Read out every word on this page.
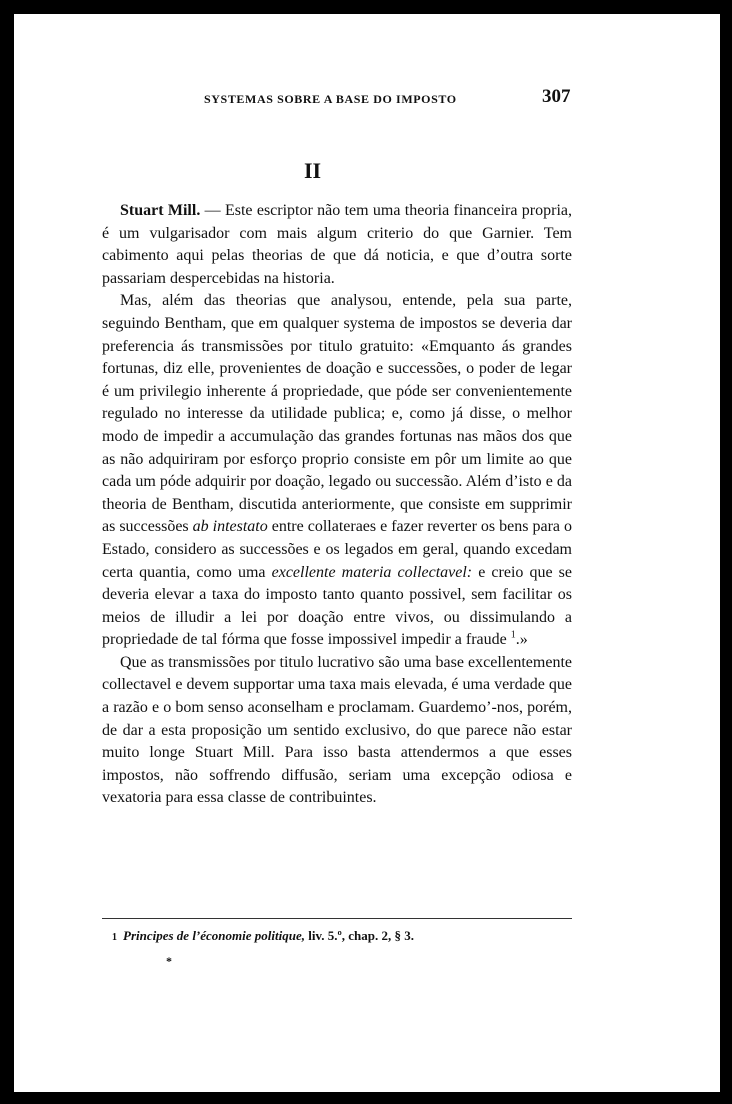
SYSTEMAS SOBRE A BASE DO IMPOSTO	307
II

Stuart Mill. — Este escriptor não tem uma theoria financeira propria, é um vulgarisador com mais algum criterio do que Garnier. Tem cabimento aqui pelas theorias de que dá noticia, e que d’outra sorte passariam despercebidas na historia.

Mas, além das theorias que analysou, entende, pela sua parte, seguindo Bentham, que em qualquer systema de impostos se deveria dar preferencia ás transmissões por titulo gratuito: «Emquanto ás grandes fortunas, diz elle, provenientes de doação e successões, o poder de legar é um privilegio inherente á propriedade, que póde ser convenientemente regulado no interesse da utilidade publica; e, como já disse, o melhor modo de impedir a accumulação das grandes fortunas nas mãos dos que as não adquiriram por esforço proprio consiste em pôr um limite ao que cada um póde adquirir por doação, legado ou successão. Além d’isto e da theoria de Bentham, discutida anteriormente, que consiste em supprimir as successões ab intestato entre collateraes e fazer reverter os bens para o Estado, considero as successões e os legados em geral, quando excedam certa quantia, como uma excellente materia collectavel: e creio que se deveria elevar a taxa do imposto tanto quanto possivel, sem facilitar os meios de illudir a lei por doação entre vivos, ou dissimulando a propriedade de tal fórma que fosse impossivel impedir a fraude $^1$.»

Que as transmissões por titulo lucrativo são uma base excellentemente collectavel e devem supportar uma taxa mais elevada, é uma verdade que a razão e o bom senso aconselham e proclamam. Guardemo’-nos, porém, de dar a esta proposição um sentido exclusivo, do que parece não estar muito longe Stuart Mill. Para isso basta attendermos a que esses impostos, não soffrendo diffusão, seriam uma excepção odiosa e vexatoria para essa classe de contribuintes.

1 Principes de l’économie politique, liv. 5.º, chap. 2, § 3.
*
